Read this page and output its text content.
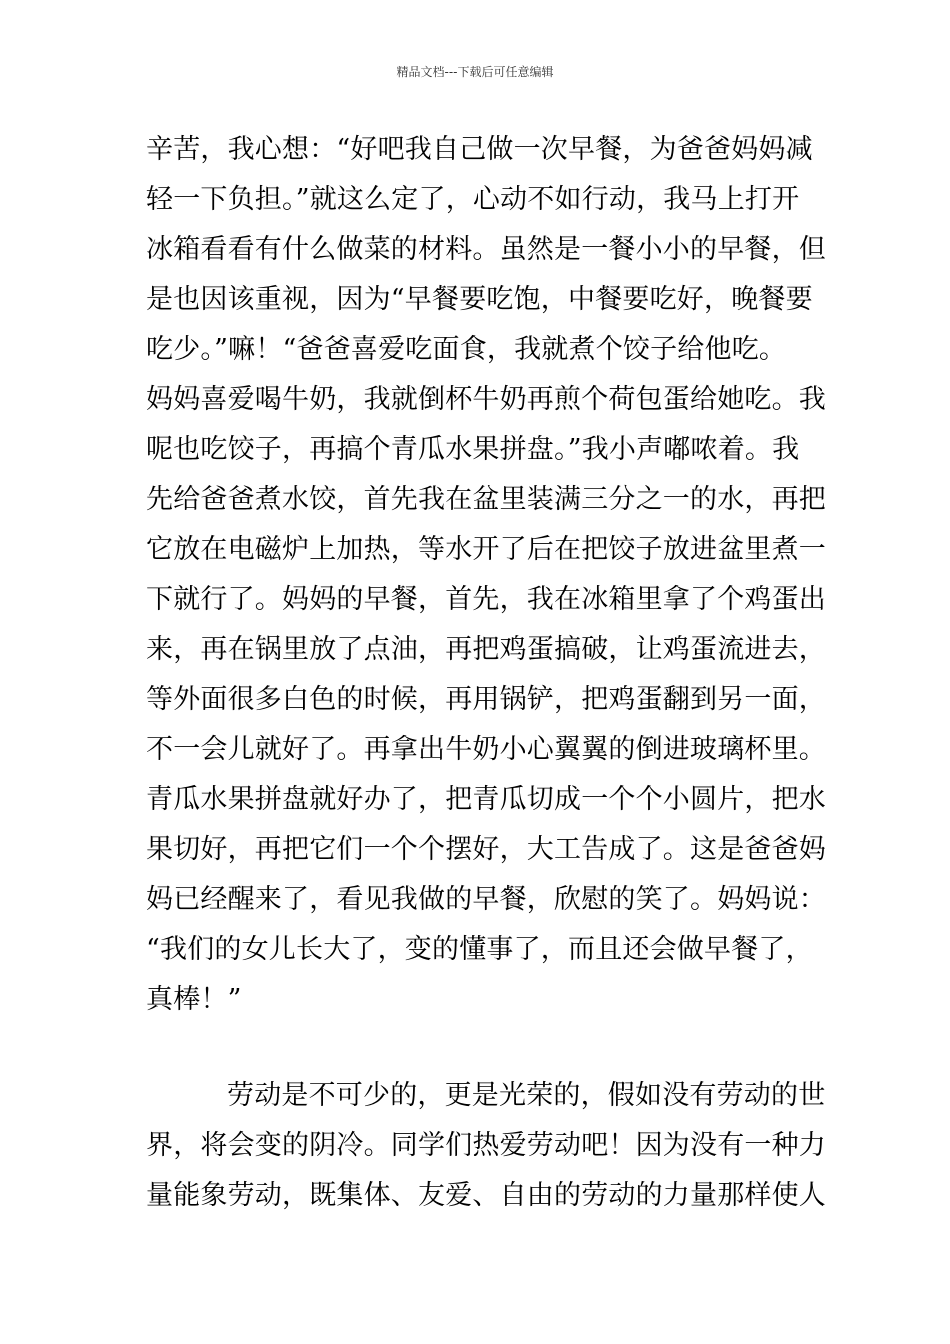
精品文档---下载后可任意编辑
辛苦，我心想：“好吧我自己做一次早餐，为爸爸妈妈减
轻一下负担。”就这么定了，心动不如行动，我马上打开
冰箱看看有什么做菜的材料。虽然是一餐小小的早餐，但
是也因该重视，因为“早餐要吃饱，中餐要吃好，晚餐要
吃少。”嘛！“爸爸喜爱吃面食，我就煮个饺子给他吃。
妈妈喜爱喝牛奶，我就倒杯牛奶再煎个荷包蛋给她吃。我
呢也吃饺子，再搞个青瓜水果拼盘。”我小声嘟哝着。我
先给爸爸煮水饺，首先我在盆里装满三分之一的水，再把
它放在电磁炉上加热，等水开了后在把饺子放进盆里煮一
下就行了。妈妈的早餐，首先，我在冰箱里拿了个鸡蛋出
来，再在锅里放了点油，再把鸡蛋搞破，让鸡蛋流进去，
等外面很多白色的时候，再用锅铲，把鸡蛋翻到另一面，
不一会儿就好了。再拿出牛奶小心翼翼的倒进玻璃杯里。
青瓜水果拼盘就好办了，把青瓜切成一个个小圆片，把水
果切好，再把它们一个个摆好，大工告成了。这是爸爸妈
妈已经醒来了，看见我做的早餐，欣慰的笑了。妈妈说：
“我们的女儿长大了，变的懂事了，而且还会做早餐了，
真棒！”
劳动是不可少的，更是光荣的，假如没有劳动的世
界，将会变的阴冷。同学们热爱劳动吧！因为没有一种力
量能象劳动，既集体、友爱、自由的劳动的力量那样使人
